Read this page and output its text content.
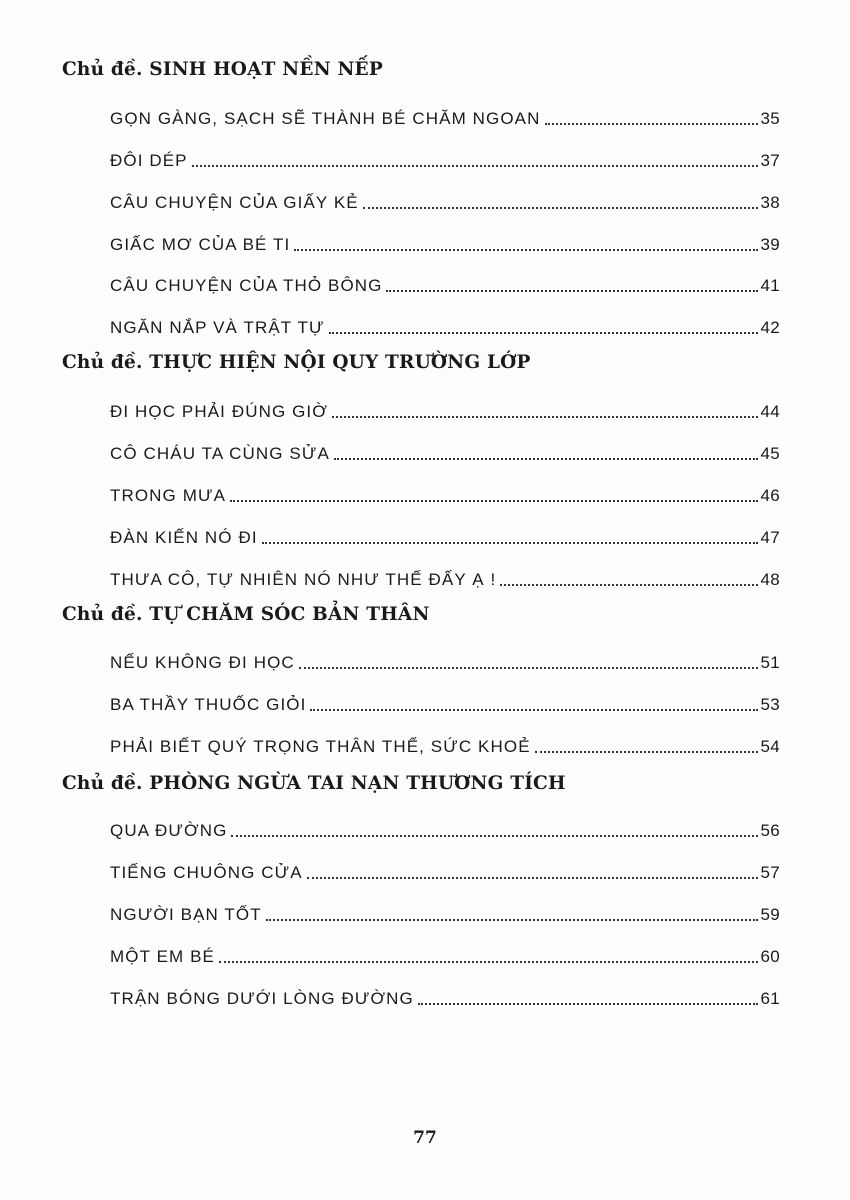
Chủ đề. SINH HOẠT NỀN NẾP
GỌN GÀNG, SẠCH SẼ THÀNH BÉ CHĂM NGOAN	35
ĐÔI DÉP	37
CÂU CHUYỆN CỦA GIẤY KẺ	38
GIẤC MƠ CỦA BÉ TI	39
CÂU CHUYỆN CỦA THỎ BÔNG	41
NGĂN NẮP VÀ TRẬT TỰ	42
Chủ đề. THỰC HIỆN NỘI QUY TRƯỜNG LỚP
ĐI HỌC PHẢI ĐÚNG GIỜ	44
CÔ CHÁU TA CÙNG SỬA	45
TRONG MƯA	46
ĐÀN KIẾN NÓ ĐI	47
THƯA CÔ, TỰ NHIÊN NÓ NHƯ THẾ ĐẤY Ạ !	48
Chủ đề. TỰ CHĂM SÓC BẢN THÂN
NẾU KHÔNG ĐI HỌC	51
BA THẦY THUỐC GIỎI	53
PHẢI BIẾT QUÝ TRỌNG THÂN THỂ, SỨC KHOẺ	54
Chủ đề. PHÒNG NGỪA TAI NẠN THƯƠNG TÍCH
QUA ĐƯỜNG	56
TIẾNG CHUÔNG CỬA	57
NGƯỜI BẠN TỐT	59
MỘT EM BÉ	60
TRẬN BÓNG DƯỚI LÒNG ĐƯỜNG	61
77
